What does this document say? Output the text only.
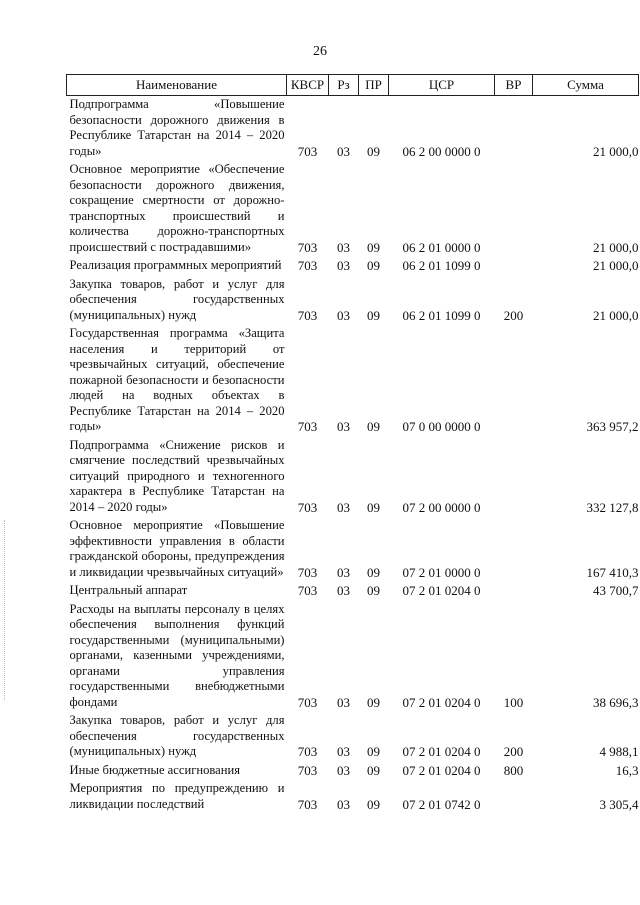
26
Наименование	КВСР	Рз	ПР	ЦСР	ВР	Сумма
Подпрограмма «Повышение безопасности дорожного движения в Республике Татарстан на 2014 – 2020 годы»	703	03	09	06 2 00 0000 0		21 000,0
Основное мероприятие «Обеспечение безопасности дорожного движения, сокращение смертности от дорожно-транспортных происшествий и количества дорожно-транспортных происшествий с пострадавшими»	703	03	09	06 2 01 0000 0		21 000,0
Реализация программных мероприятий	703	03	09	06 2 01 1099 0		21 000,0
Закупка товаров, работ и услуг для обеспечения государственных (муниципальных) нужд	703	03	09	06 2 01 1099 0	200	21 000,0
Государственная программа «Защита населения и территорий от чрезвычайных ситуаций, обеспечение пожарной безопасности и безопасности людей на водных объектах в Республике Татарстан на 2014 – 2020 годы»	703	03	09	07 0 00 0000 0		363 957,2
Подпрограмма «Снижение рисков и смягчение последствий чрезвычайных ситуаций природного и техногенного характера в Республике Татарстан на 2014 – 2020 годы»	703	03	09	07 2 00 0000 0		332 127,8
Основное мероприятие «Повышение эффективности управления в области гражданской обороны, предупреждения и ликвидации чрезвычайных ситуаций»	703	03	09	07 2 01 0000 0		167 410,3
Центральный аппарат	703	03	09	07 2 01 0204 0		43 700,7
Расходы на выплаты персоналу в целях обеспечения выполнения функций государственными (муниципальными) органами, казенными учреждениями, органами управления государственными внебюджетными фондами	703	03	09	07 2 01 0204 0	100	38 696,3
Закупка товаров, работ и услуг для обеспечения государственных (муниципальных) нужд	703	03	09	07 2 01 0204 0	200	4 988,1
Иные бюджетные ассигнования	703	03	09	07 2 01 0204 0	800	16,3
Мероприятия по предупреждению и ликвидации последствий	703	03	09	07 2 01 0742 0		3 305,4
